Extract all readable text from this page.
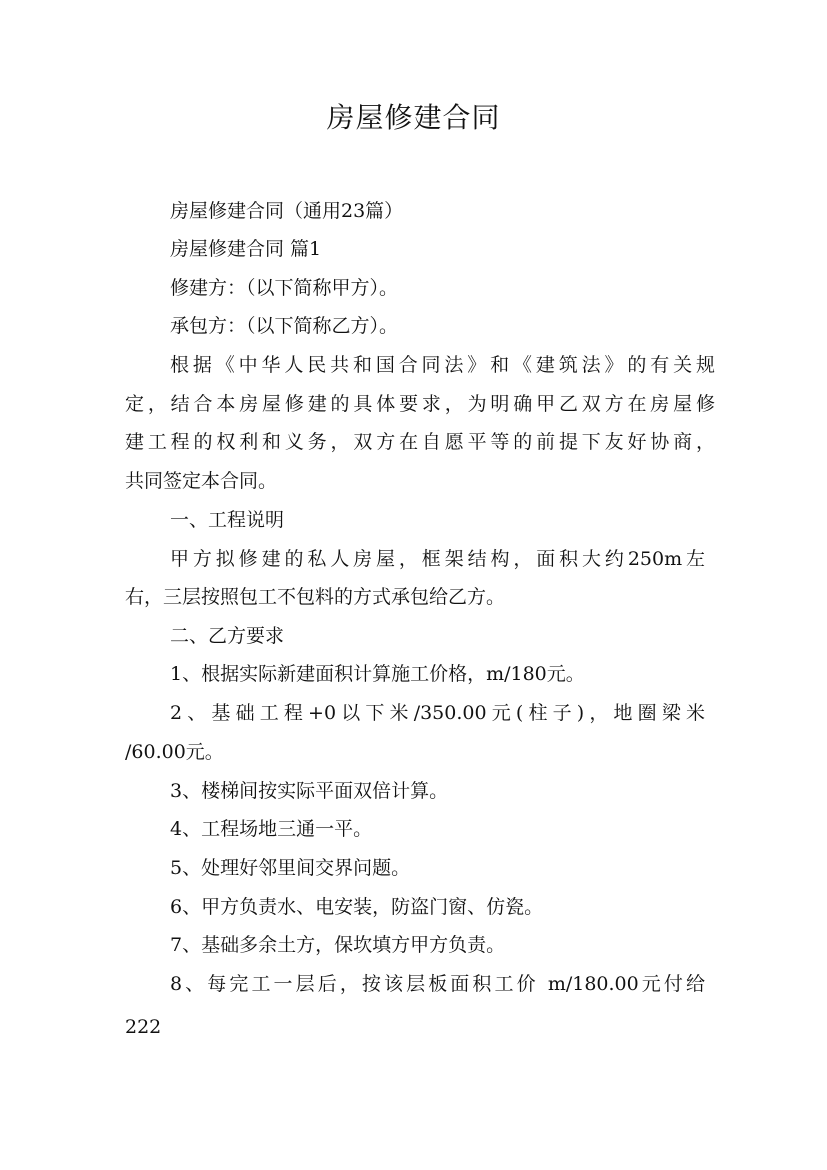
房屋修建合同
房屋修建合同（通用23篇）
房屋修建合同 篇1
修建方：（以下简称甲方）。
承包方：（以下简称乙方）。
根据《中华人民共和国合同法》和《建筑法》的有关规
定，结合本房屋修建的具体要求，为明确甲乙双方在房屋修
建工程的权利和义务，双方在自愿平等的前提下友好协商，
共同签定本合同。
一、工程说明
甲方拟修建的私人房屋，框架结构，面积大约250m左
右，三层按照包工不包料的方式承包给乙方。
二、乙方要求
1、根据实际新建面积计算施工价格，m/180元。
2、基础工程+0以下米/350.00元(柱子)，地圈梁米
/60.00元。
3、楼梯间按实际平面双倍计算。
4、工程场地三通一平。
5、处理好邻里间交界问题。
6、甲方负责水、电安装，防盗门窗、仿瓷。
7、基础多余土方，保坎填方甲方负责。
8、每完工一层后，按该层板面积工价 m/180.00元付给
222
